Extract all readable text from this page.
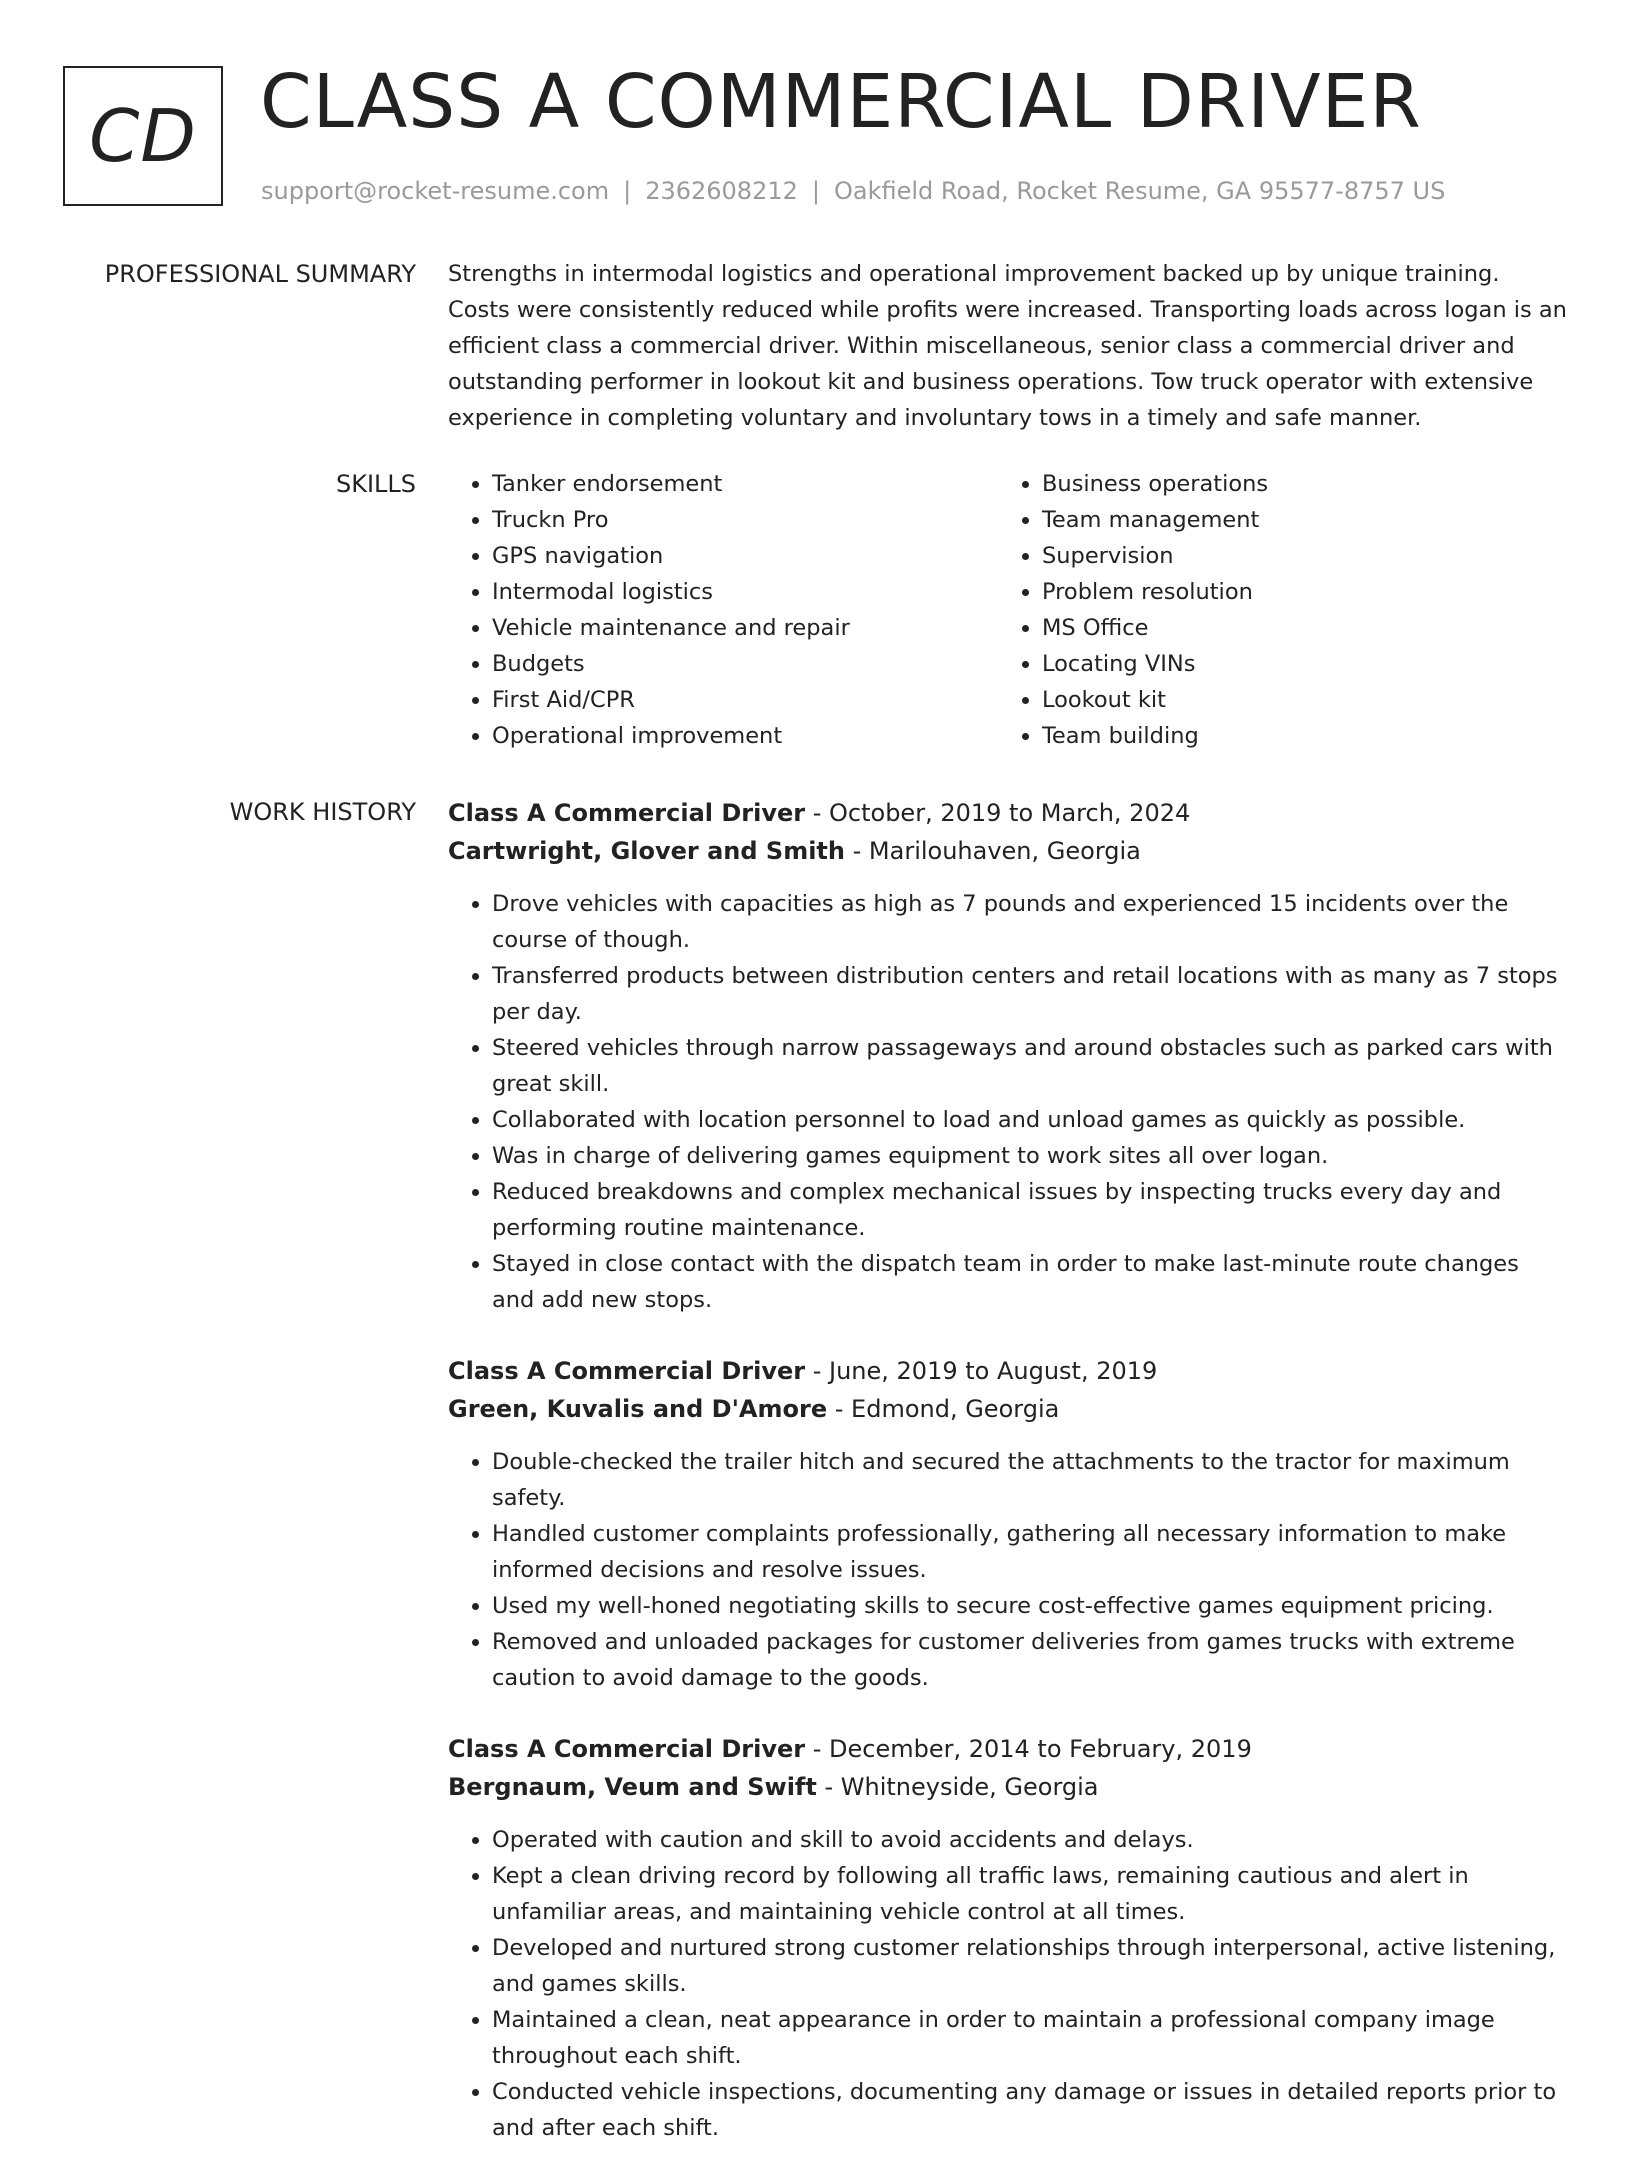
CD CLASS A COMMERCIAL DRIVER
support@rocket-resume.com | 2362608212 | Oakfield Road, Rocket Resume, GA 95577-8757 US
PROFESSIONAL SUMMARY Strengths in intermodal logistics and operational improvement backed up by unique training. Costs were consistently reduced while profits were increased. Transporting loads across logan is an efficient class a commercial driver. Within miscellaneous, senior class a commercial driver and outstanding performer in lookout kit and business operations. Tow truck operator with extensive experience in completing voluntary and involuntary tows in a timely and safe manner.

SKILLS
•	Tanker endorsement
• Truckn Pro
• GPS navigation
• Intermodal logistics
• Vehicle maintenance and repair
• Budgets
• First Aid/CPR
• Operational improvement
• Business operations
• Team management
• Supervision
• Problem resolution
• MS Office
• Locating VINs
• Lookout kit
• Team building
WORK HISTORY Class A Commercial Driver - October, 2019 to March, 2024
Cartwright, Glover and Smith - Marilouhaven, Georgia
• Drove vehicles with capacities as high as 7 pounds and experienced 15 incidents over the course of though.
• Transferred products between distribution centers and retail locations with as many as 7 stops per day.
• Steered vehicles through narrow passageways and around obstacles such as parked cars with great skill.
• Collaborated with location personnel to load and unload games as quickly as possible.
• Was in charge of delivering games equipment to work sites all over logan.
• Reduced breakdowns and complex mechanical issues by inspecting trucks every day and performing routine maintenance.
• Stayed in close contact with the dispatch team in order to make last-minute route changes and add new stops.
Class A Commercial Driver - June, 2019 to August, 2019
Green, Kuvalis and D'Amore - Edmond, Georgia
• Double-checked the trailer hitch and secured the attachments to the tractor for maximum safety.
• Handled customer complaints professionally, gathering all necessary information to make informed decisions and resolve issues.
• Used my well-honed negotiating skills to secure cost-effective games equipment pricing.
• Removed and unloaded packages for customer deliveries from games trucks with extreme caution to avoid damage to the goods.
Class A Commercial Driver - December, 2014 to February, 2019
Bergnaum, Veum and Swift - Whitneyside, Georgia
• Operated with caution and skill to avoid accidents and delays.
• Kept a clean driving record by following all traffic laws, remaining cautious and alert in unfamiliar areas, and maintaining vehicle control at all times.
• Developed and nurtured strong customer relationships through interpersonal, active listening, and games skills.
• Maintained a clean, neat appearance in order to maintain a professional company image throughout each shift.
• Conducted vehicle inspections, documenting any damage or issues in detailed reports prior to and after each shift.
